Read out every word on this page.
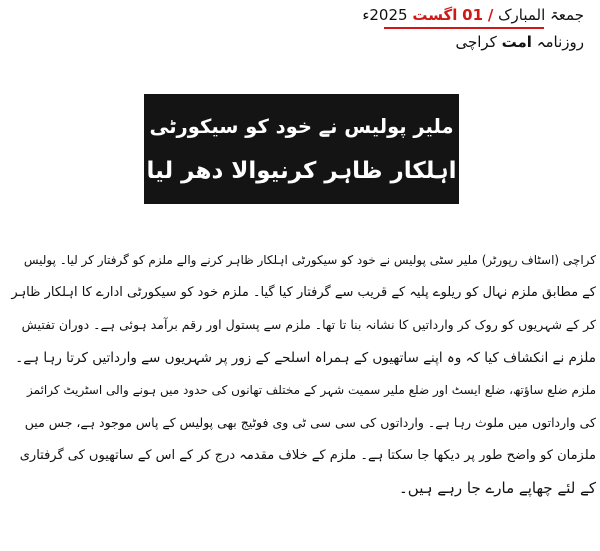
جمعۃ المبارک / 01 اگست 2025ء
روزنامہ امت کراچی
ملیر پولیس نے خود کو سیکورٹی
اہلکار ظاہر کرنیوالا دھر لیا
کراچی (اسٹاف رپورٹر) ملیر سٹی پولیس نے خود کو سیکورٹی اہلکار ظاہر کرنے والے ملزم کو گرفتار کر لیا۔ پولیس
کے مطابق ملزم نہال کو ریلوے پلیہ کے قریب سے گرفتار کیا گیا۔ ملزم خود کو سیکورٹی ادارے کا اہلکار ظاہر
کر کے شہریوں کو روک کر وارداتیں کا نشانہ بنا تا تھا۔ ملزم سے پستول اور رقم برآمد ہوئی ہے۔ دوران تفتیش
ملزم نے انکشاف کیا کہ وہ اپنے ساتھیوں کے ہمراہ اسلحے کے زور پر شہریوں سے وارداتیں کرتا رہا ہے۔
ملزم ضلع ساؤتھ، ضلع ایسٹ اور ضلع ملیر سمیت شہر کے مختلف تھانوں کی حدود میں ہونے والی اسٹریٹ کرائمز
کی وارداتوں میں ملوث رہا ہے۔ وارداتوں کی سی سی ٹی وی فوٹیج بھی پولیس کے پاس موجود ہے، جس میں
ملزمان کو واضح طور پر دیکھا جا سکتا ہے۔ ملزم کے خلاف مقدمہ درج کر کے اس کے ساتھیوں کی گرفتاری
کے لئے چھاپے مارے جا رہے ہیں۔
